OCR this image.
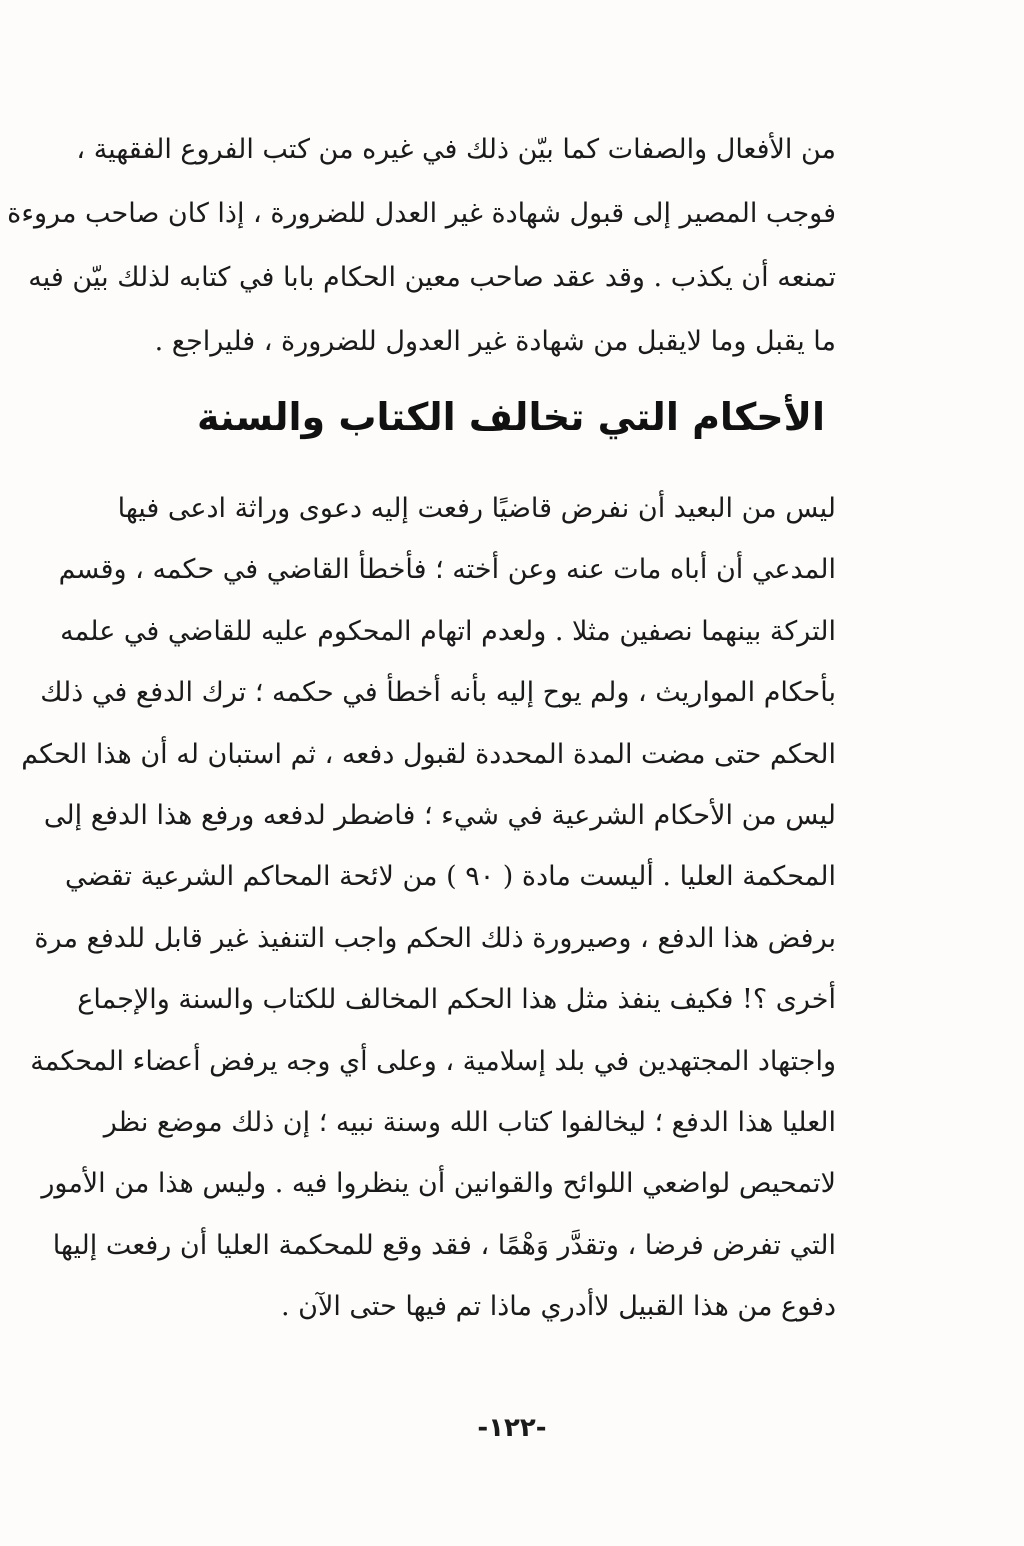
من الأفعال والصفات كما بيّن ذلك في غيره من كتب الفروع الفقهية ،
فوجب المصير إلى قبول شهادة غير العدل للضرورة ، إذا كان صاحب مروءة
تمنعه أن يكذب . وقد عقد صاحب معين الحكام بابا في كتابه لذلك بيّن فيه
ما يقبل وما لايقبل من شهادة غير العدول للضرورة ، فليراجع .
الأحكام التي تخالف الكتاب والسنة
ليس من البعيد أن نفرض قاضيًا رفعت إليه دعوى وراثة ادعى فيها
المدعي أن أباه مات عنه وعن أخته ؛ فأخطأ القاضي في حكمه ، وقسم
التركة بينهما نصفين مثلا . ولعدم اتهام المحكوم عليه للقاضي في علمه
بأحكام المواريث ، ولم يوح إليه بأنه أخطأ في حكمه ؛ ترك الدفع في ذلك
الحكم حتى مضت المدة المحددة لقبول دفعه ، ثم استبان له أن هذا الحكم
ليس من الأحكام الشرعية في شيء ؛ فاضطر لدفعه ورفع هذا الدفع إلى
المحكمة العليا . أليست مادة ( ٩٠ ) من لائحة المحاكم الشرعية تقضي
برفض هذا الدفع ، وصيرورة ذلك الحكم واجب التنفيذ غير قابل للدفع مرة
أخرى ؟! فكيف ينفذ مثل هذا الحكم المخالف للكتاب والسنة والإجماع
واجتهاد المجتهدين في بلد إسلامية ، وعلى أي وجه يرفض أعضاء المحكمة
العليا هذا الدفع ؛ ليخالفوا كتاب الله وسنة نبيه ؛ إن ذلك موضع نظر
لاتمحيص لواضعي اللوائح والقوانين أن ينظروا فيه . وليس هذا من الأمور
التي تفرض فرضا ، وتقدَّر وَهْمًا ، فقد وقع للمحكمة العليا أن رفعت إليها
دفوع من هذا القبيل لاأدري ماذا تم فيها حتى الآن .
-١٢٢-
